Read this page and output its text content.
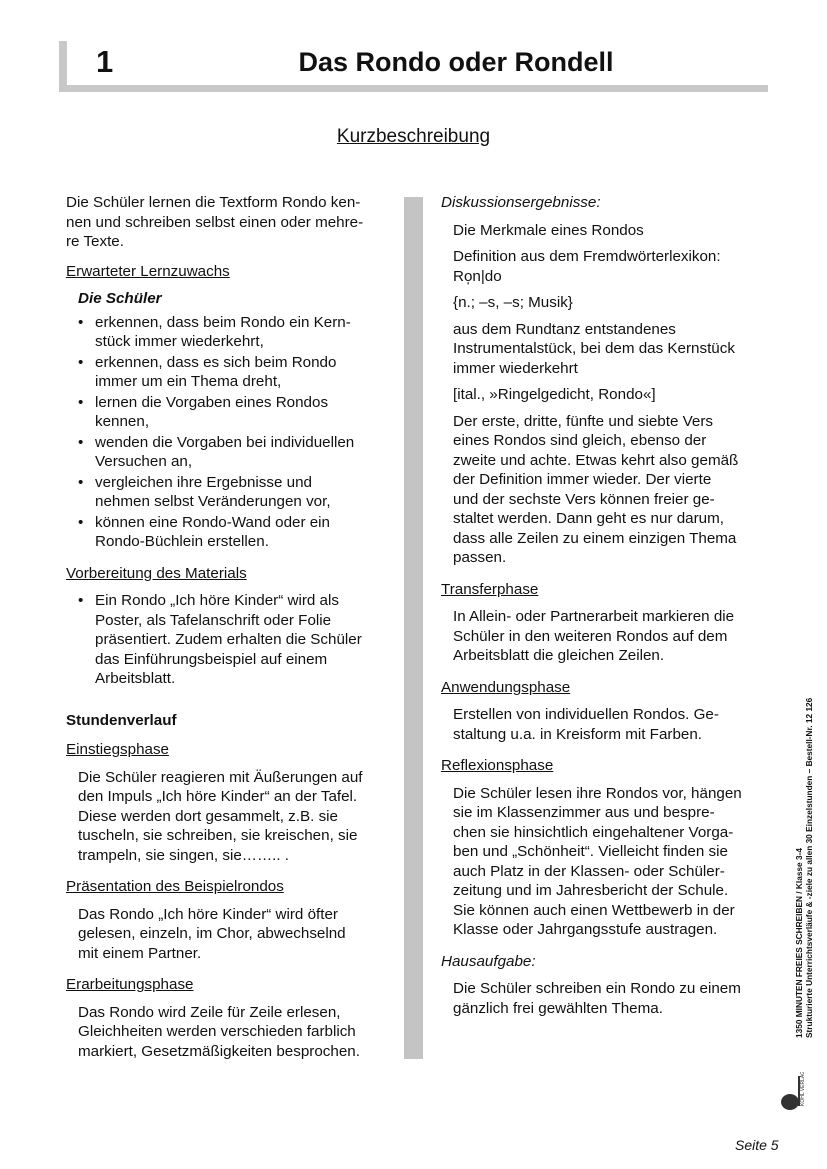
1	Das Rondo oder Rondell
Kurzbeschreibung
Die Schüler lernen die Textform Rondo ken-
nen und schreiben selbst einen oder mehre-
re Texte.
Erwarteter Lernzuwachs
Die Schüler
• erkennen, dass beim Rondo ein Kern-
stück immer wiederkehrt,
• erkennen, dass es sich beim Rondo
immer um ein Thema dreht,
• lernen die Vorgaben eines Rondos
kennen,
• wenden die Vorgaben bei individuellen
Versuchen an,
• vergleichen ihre Ergebnisse und
nehmen selbst Veränderungen vor,
• können eine Rondo-Wand oder ein
Rondo-Büchlein erstellen.
Vorbereitung des Materials
• Ein Rondo „Ich höre Kinder“ wird als
Poster, als Tafelanschrift oder Folie
präsentiert. Zudem erhalten die Schüler
das Einführungsbeispiel auf einem
Arbeitsblatt.
Stundenverlauf
Einstiegsphase
Die Schüler reagieren mit Äußerungen auf
den Impuls „Ich höre Kinder“ an der Tafel.
Diese werden dort gesammelt, z.B. sie
tuscheln, sie schreiben, sie kreischen, sie
trampeln, sie singen, sie…….. .
Präsentation des Beispielrondos
Das Rondo „Ich höre Kinder“ wird öfter
gelesen, einzeln, im Chor, abwechselnd
mit einem Partner.
Erarbeitungsphase
Das Rondo wird Zeile für Zeile erlesen,
Gleichheiten werden verschieden farblich
markiert, Gesetzmäßigkeiten besprochen.
Diskussionsergebnisse:
Die Merkmale eines Rondos
Definition aus dem Fremdwörterlexikon:
Ro̩n|do
{n.; –s, –s; Musik}
aus dem Rundtanz entstandenes
Instrumentalstück, bei dem das Kernstück
immer wiederkehrt
[ital., »Ringelgedicht, Rondo«]
Der erste, dritte, fünfte und siebte Vers
eines Rondos sind gleich, ebenso der
zweite und achte. Etwas kehrt also gemäß
der Definition immer wieder. Der vierte
und der sechste Vers können freier ge-
staltet werden. Dann geht es nur darum,
dass alle Zeilen zu einem einzigen Thema
passen.
Transferphase
In Allein- oder Partnerarbeit markieren die
Schüler in den weiteren Rondos auf dem
Arbeitsblatt die gleichen Zeilen.
Anwendungsphase
Erstellen von individuellen Rondos. Ge-
staltung u.a. in Kreisform mit Farben.
Reflexionsphase
Die Schüler lesen ihre Rondos vor, hängen
sie im Klassenzimmer aus und bespre-
chen sie hinsichtlich eingehaltener Vorga-
ben und „Schönheit“. Vielleicht finden sie
auch Platz in der Klassen- oder Schüler-
zeitung und im Jahresbericht der Schule.
Sie können auch einen Wettbewerb in der
Klasse oder Jahrgangsstufe austragen.
Hausaufgabe:
Die Schüler schreiben ein Rondo zu einem
gänzlich frei gewählten Thema.	1350 MINUTEN FREIES SCHREIBEN / Klasse 3-4 Strukturierte Unterrichtsverläufe & -ziele zu allen 30 Einzelstunden – Bestell-Nr. 12 126
KOHL VERLAG
Seite 5
